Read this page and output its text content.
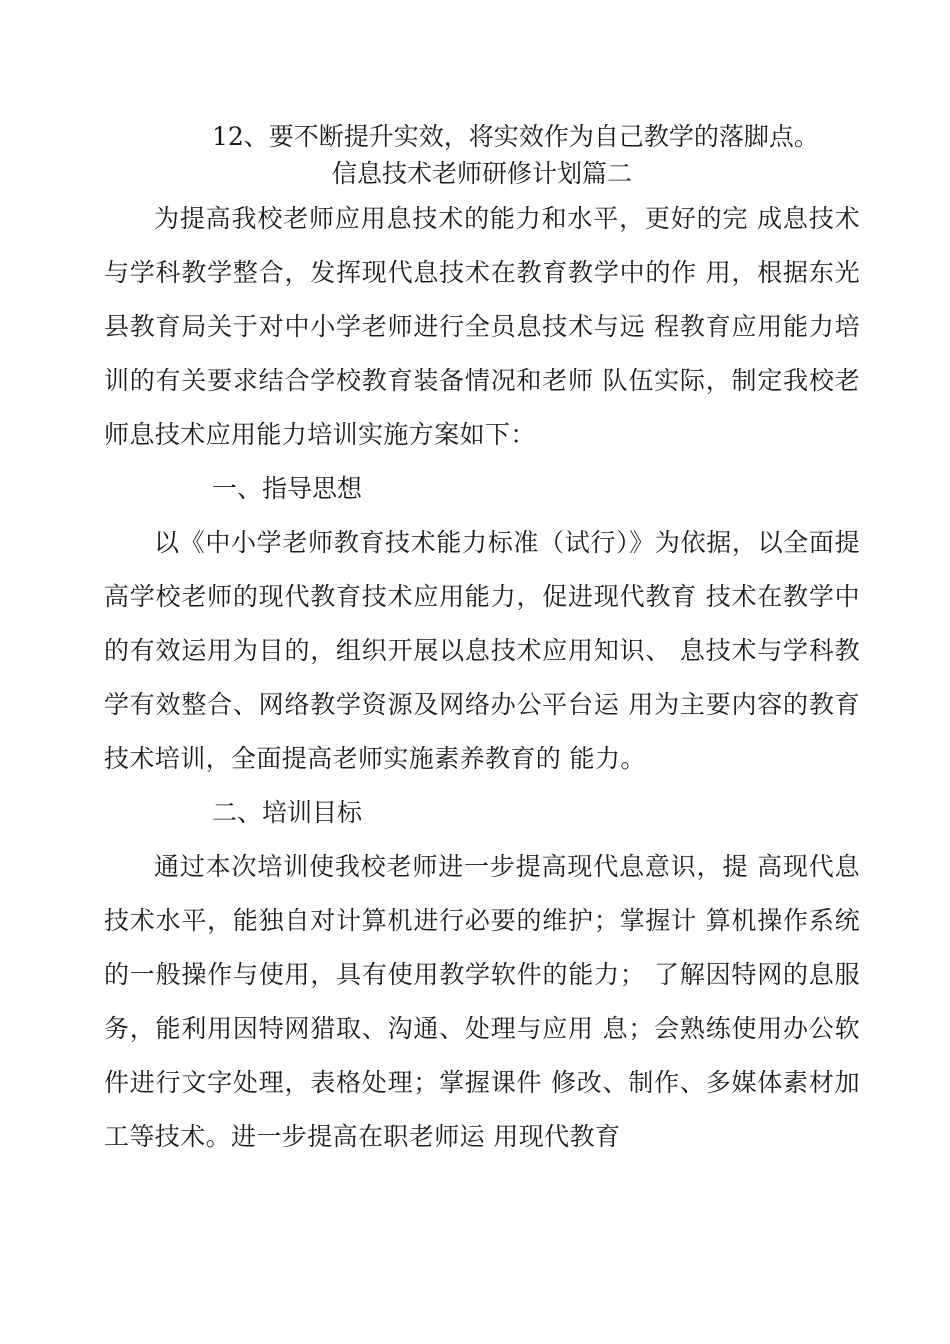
12、要不断提升实效，将实效作为自己教学的落脚点。

信息技术老师研修计划篇二

为提高我校老师应用息技术的能力和水平，更好的完 成息技术与学科教学整合，发挥现代息技术在教育教学中的作 用，根据东光县教育局关于对中小学老师进行全员息技术与远 程教育应用能力培训的有关要求结合学校教育装备情况和老师 队伍实际，制定我校老师息技术应用能力培训实施方案如下：

一、指导思想

以《中小学老师教育技术能力标准（试行）》为依据，以全面提高学校老师的现代教育技术应用能力，促进现代教育 技术在教学中的有效运用为目的，组织开展以息技术应用知识、 息技术与学科教学有效整合、网络教学资源及网络办公平台运 用为主要内容的教育技术培训，全面提高老师实施素养教育的 能力。

二、培训目标

通过本次培训使我校老师进一步提高现代息意识，提 高现代息技术水平，能独自对计算机进行必要的维护；掌握计 算机操作系统的一般操作与使用，具有使用教学软件的能力； 了解因特网的息服务，能利用因特网猎取、沟通、处理与应用 息；会熟练使用办公软件进行文字处理，表格处理；掌握课件 修改、制作、多媒体素材加工等技术。进一步提高在职老师运 用现代教育
